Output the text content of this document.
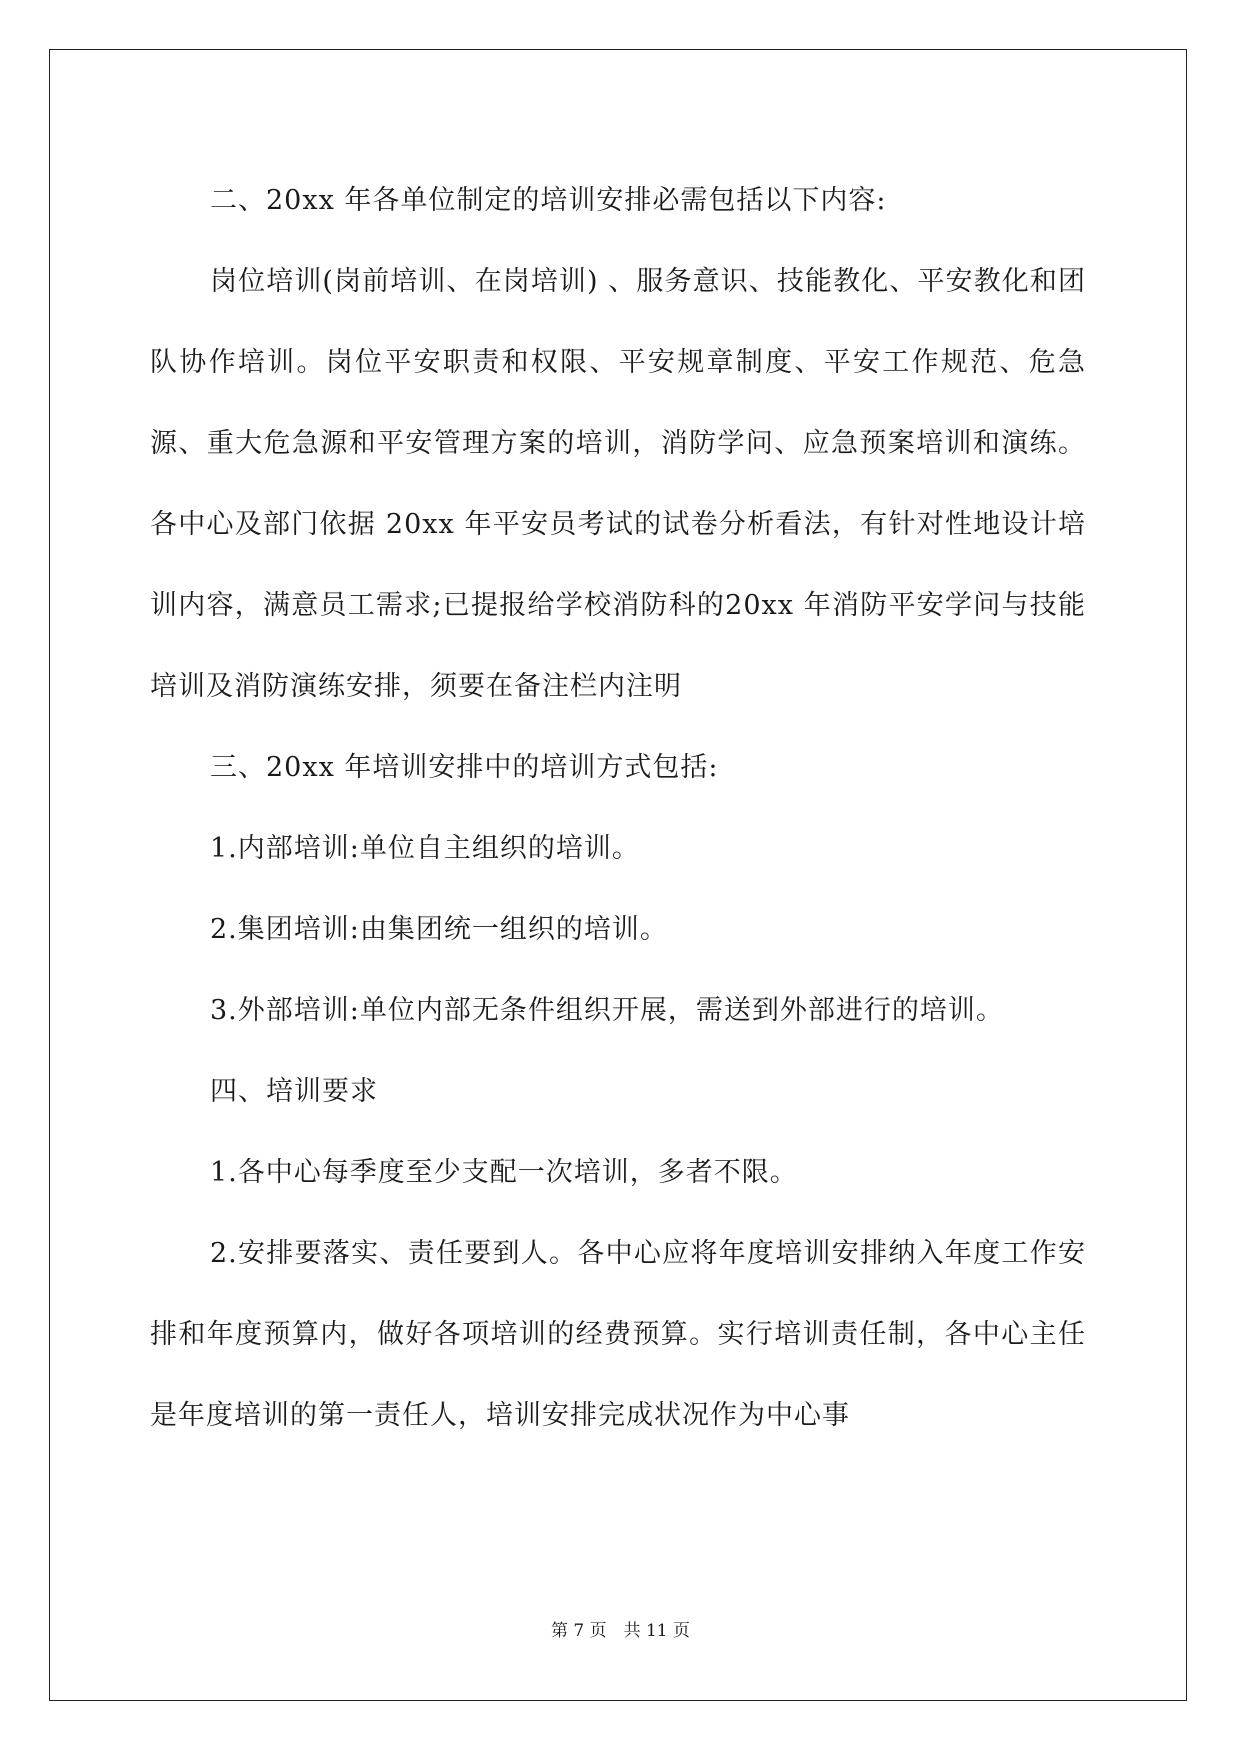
二、20xx 年各单位制定的培训安排必需包括以下内容:

岗位培训(岗前培训、在岗培训) 、服务意识、技能教化、平安教化和团队协作培训。岗位平安职责和权限、平安规章制度、平安工作规范、危急源、重大危急源和平安管理方案的培训，消防学问、应急预案培训和演练。各中心及部门依据 20xx 年平安员考试的试卷分析看法，有针对性地设计培训内容，满意员工需求;已提报给学校消防科的20xx 年消防平安学问与技能培训及消防演练安排，须要在备注栏内注明

三、20xx 年培训安排中的培训方式包括:

1.内部培训:单位自主组织的培训。

2.集团培训:由集团统一组织的培训。

3.外部培训:单位内部无条件组织开展，需送到外部进行的培训。

四、培训要求

1.各中心每季度至少支配一次培训，多者不限。

2.安排要落实、责任要到人。各中心应将年度培训安排纳入年度工作安排和年度预算内，做好各项培训的经费预算。实行培训责任制，各中心主任是年度培训的第一责任人，培训安排完成状况作为中心事

第 7 页　共 11 页
